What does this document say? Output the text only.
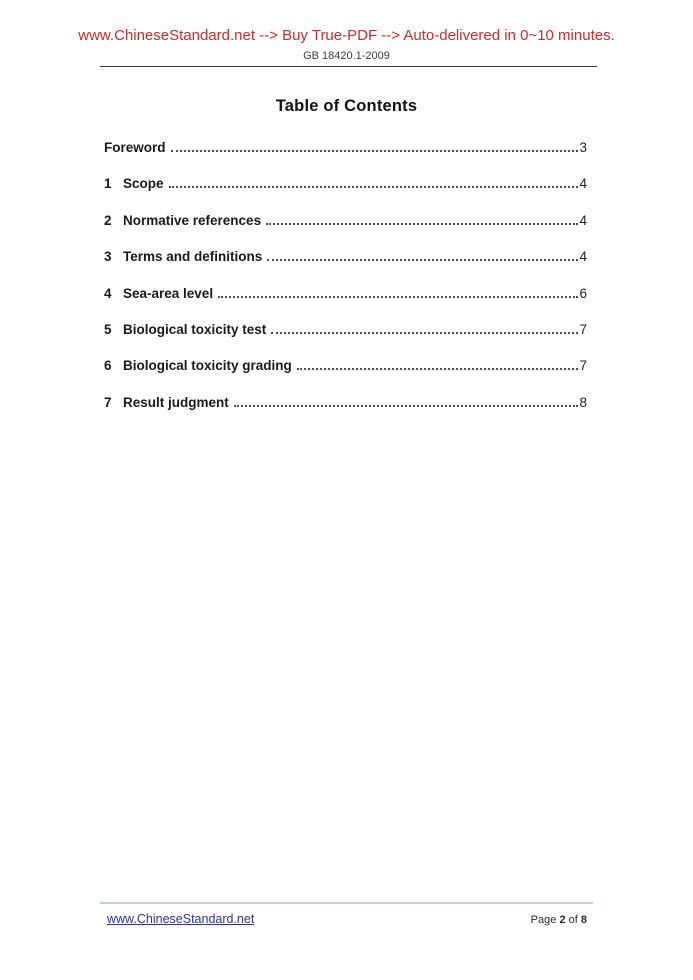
www.ChineseStandard.net --> Buy True-PDF --> Auto-delivered in 0~10 minutes.
GB 18420.1-2009
Table of Contents
Foreword	3
1 Scope	4
2 Normative references	4
3 Terms and definitions	4
4 Sea-area level	6
5 Biological toxicity test	7
6 Biological toxicity grading	7
7 Result judgment	8
www.ChineseStandard.net	Page 2 of 8
